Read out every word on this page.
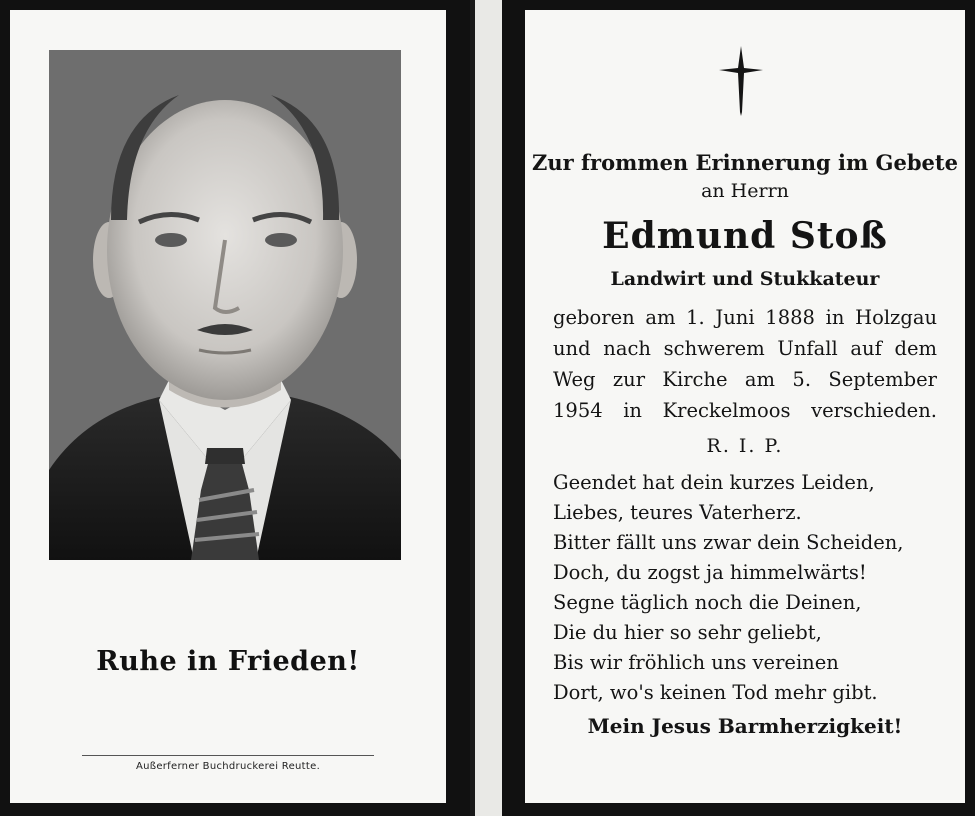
Ruhe in Frieden!
Außerferner Buchdruckerei Reutte.
Zur frommen Erinnerung im Gebete
an Herrn
Edmund Stoß
Landwirt und Stukkateur
geboren am 1. Juni 1888 in Holzgau
und nach schwerem Unfall auf dem
Weg zur Kirche am 5. September
1954 in Kreckelmoos verschieden.
R. I. P.
Geendet hat dein kurzes Leiden,
Liebes, teures Vaterherz.
Bitter fällt uns zwar dein Scheiden,
Doch, du zogst ja himmelwärts!
Segne täglich noch die Deinen,
Die du hier so sehr geliebt,
Bis wir fröhlich uns vereinen
Dort, wo's keinen Tod mehr gibt.
Mein Jesus Barmherzigkeit!
